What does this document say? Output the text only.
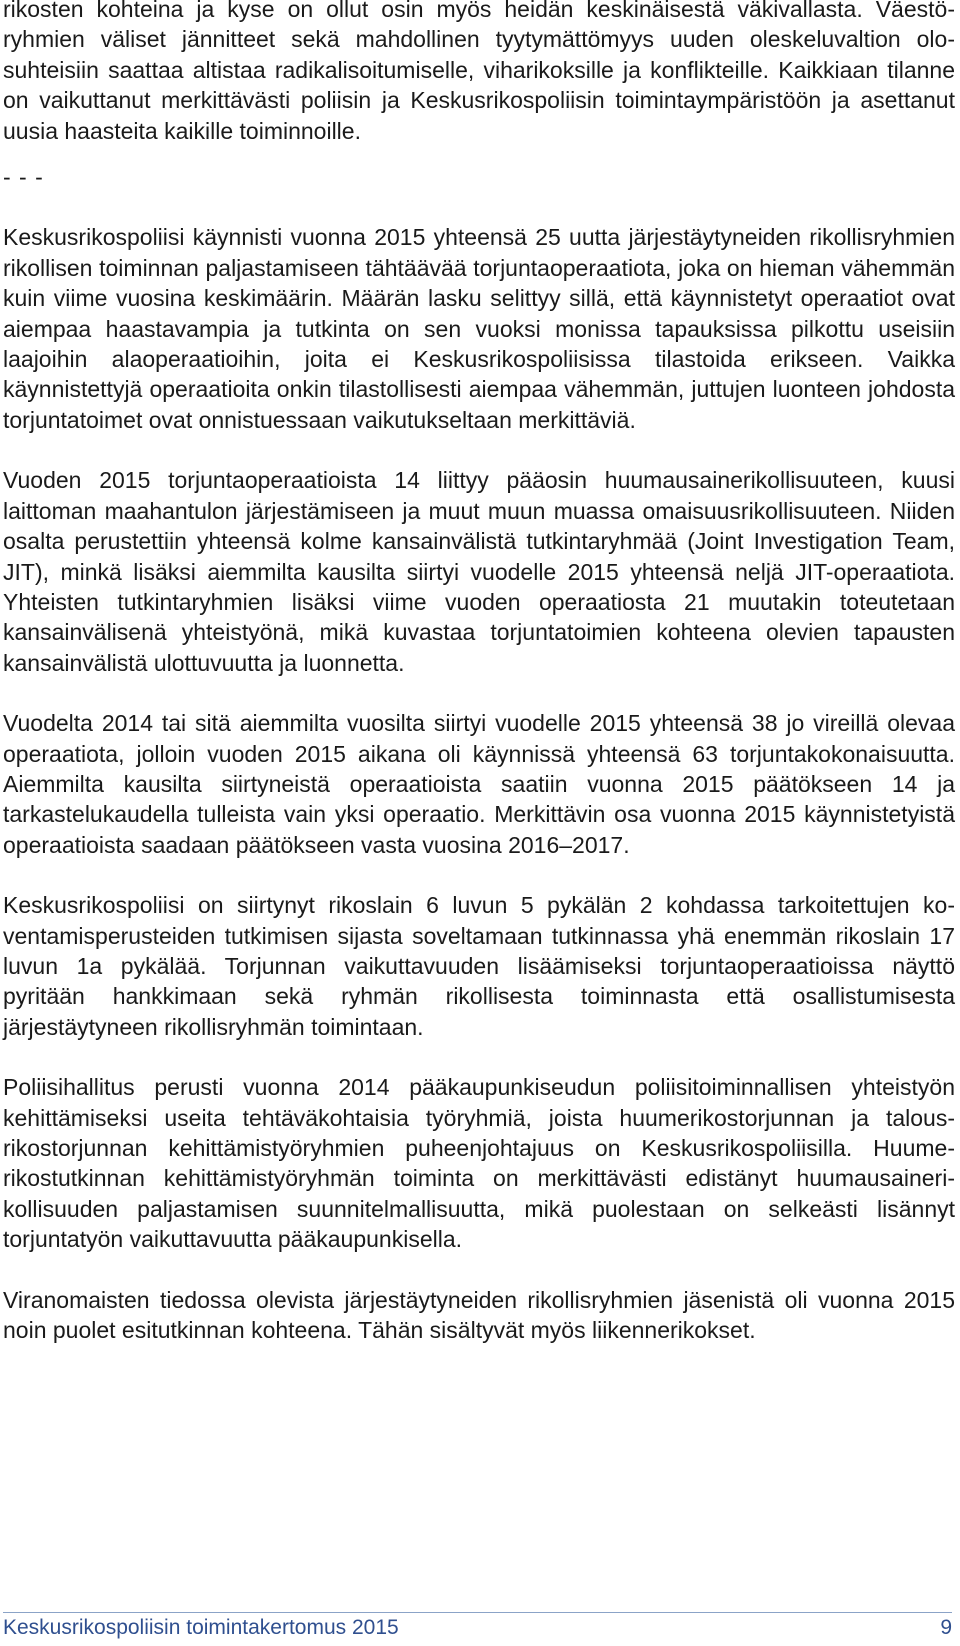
rikosten kohteina ja kyse on ollut osin myös heidän keskinäisestä väkivallasta. Väestöryhmien väliset jännitteet sekä mahdollinen tyytymättömyys uuden oleskeluvaltion olosuhteisiin saattaa altistaa radikalisoitumiselle, viharikoksille ja konflikteille. Kaikkiaan tilanne on vaikuttanut merkittävästi poliisin ja Keskusrikospoliisin toimintaympäristöön ja asettanut uusia haasteita kaikille toiminnoille.

- - -

Keskusrikospoliisi käynnisti vuonna 2015 yhteensä 25 uutta järjestäytyneiden rikollisryhmien rikollisen toiminnan paljastamiseen tähtäävää torjuntaoperaatiota, joka on hieman vähemmän kuin viime vuosina keskimäärin. Määrän lasku selittyy sillä, että käynnistetyt operaatiot ovat aiempaa haastavampia ja tutkinta on sen vuoksi monissa tapauksissa pilkottu useisiin laajoihin alaoperaatioihin, joita ei Keskusrikospoliisissa tilastoida erikseen. Vaikka käynnistettyjä operaatioita onkin tilastollisesti aiempaa vähemmän, juttujen luonteen johdosta torjuntatoimet ovat onnistuessaan vaikutukseltaan merkittäviä.

Vuoden 2015 torjuntaoperaatioista 14 liittyy pääosin huumausainerikollisuuteen, kuusi laittoman maahantulon järjestämiseen ja muut muun muassa omaisuusrikollisuuteen. Niiden osalta perustettiin yhteensä kolme kansainvälistä tutkintaryhmää (Joint Investigation Team, JIT), minkä lisäksi aiemmilta kausilta siirtyi vuodelle 2015 yhteensä neljä JIT-operaatiota. Yhteisten tutkintaryhmien lisäksi viime vuoden operaatiosta 21 muutakin toteutetaan kansainvälisenä yhteistyönä, mikä kuvastaa torjuntatoimien kohteena olevien tapausten kansainvälistä ulottuvuutta ja luonnetta.

Vuodelta 2014 tai sitä aiemmilta vuosilta siirtyi vuodelle 2015 yhteensä 38 jo vireillä olevaa operaatiota, jolloin vuoden 2015 aikana oli käynnissä yhteensä 63 torjuntakokonaisuutta. Aiemmilta kausilta siirtyneistä operaatioista saatiin vuonna 2015 päätökseen 14 ja tarkastelukaudella tulleista vain yksi operaatio. Merkittävin osa vuonna 2015 käynnistetyistä operaatioista saadaan päätökseen vasta vuosina 2016–2017.

Keskusrikospoliisi on siirtynyt rikoslain 6 luvun 5 pykälän 2 kohdassa tarkoitettujen koventamisperusteiden tutkimisen sijasta soveltamaan tutkinnassa yhä enemmän rikoslain 17 luvun 1a pykälää. Torjunnan vaikuttavuuden lisäämiseksi torjuntaoperaatioissa näyttö pyritään hankkimaan sekä ryhmän rikollisesta toiminnasta että osallistumisesta järjestäytyneen rikollisryhmän toimintaan.

Poliisihallitus perusti vuonna 2014 pääkaupunkiseudun poliisitoiminnallisen yhteistyön kehittämiseksi useita tehtäväkohtaisia työryhmiä, joista huumerikostorjunnan ja talousrikostorjunnan kehittämistyöryhmien puheenjohtajuus on Keskusrikospoliisilla. Huumerikostutkinnan kehittämistyöryhmän toiminta on merkittävästi edistänyt huumausainerikollisuuden paljastamisen suunnitelmallisuutta, mikä puolestaan on selkeästi lisännyt torjuntatyön vaikuttavuutta pääkaupunkisella.

Viranomaisten tiedossa olevista järjestäytyneiden rikollisryhmien jäsenistä oli vuonna 2015 noin puolet esitutkinnan kohteena. Tähän sisältyvät myös liikennerikokset.

Keskusrikospoliisin toimintakertomus 2015	9
